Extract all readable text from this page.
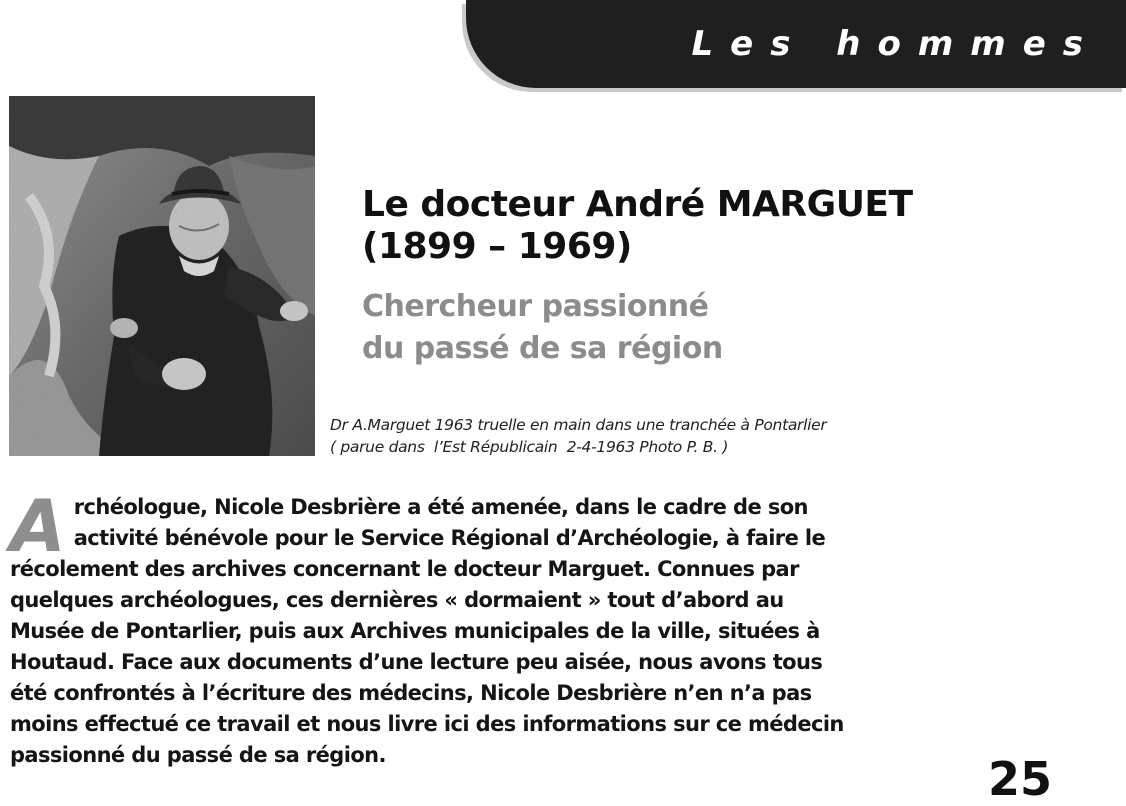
Les hommes
Le docteur André MARGUET
(1899 – 1969)
Chercheur passionné
du passé de sa région
Dr A.Marguet 1963 truelle en main dans une tranchée à Pontarlier
( parue dans  l’Est Républicain  2-4-1963 Photo P. B. )
A rchéologue, Nicole Desbrière a été amenée, dans le cadre de son
activité bénévole pour le Service Régional d’Archéologie, à faire le
récolement des archives concernant le docteur Marguet. Connues par
quelques archéologues, ces dernières « dormaient » tout d’abord au
Musée de Pontarlier, puis aux Archives municipales de la ville, situées à
Houtaud. Face aux documents d’une lecture peu aisée, nous avons tous
été confrontés à l’écriture des médecins, Nicole Desbrière n’en n’a pas
moins effectué ce travail et nous livre ici des informations sur ce médecin
passionné du passé de sa région.	25
